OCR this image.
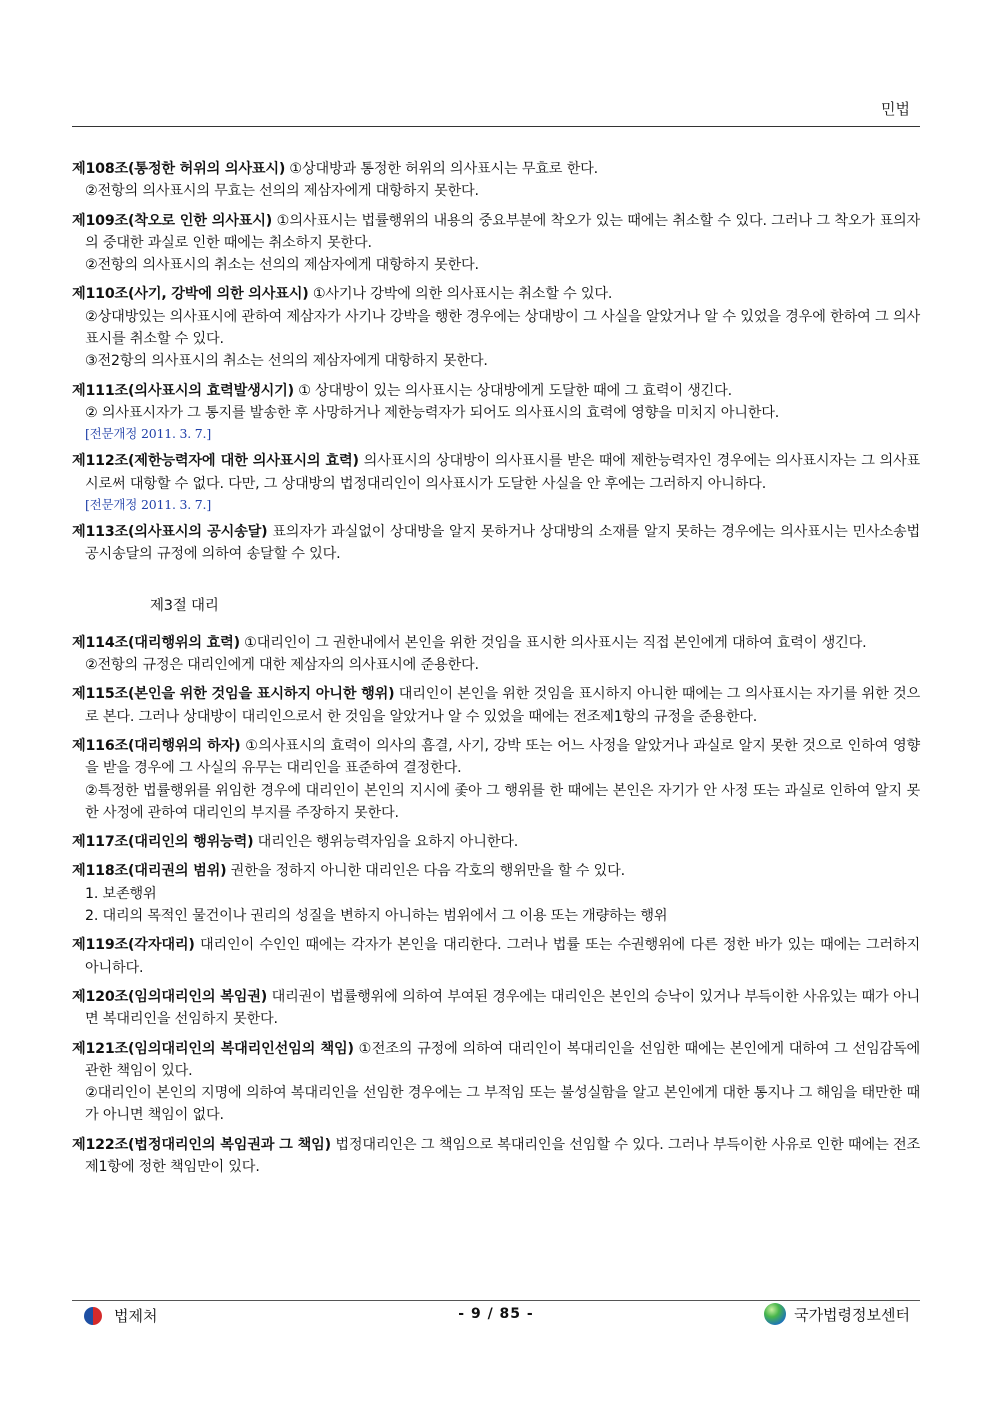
민법
제108조(통정한 허위의 의사표시) ①상대방과 통정한 허위의 의사표시는 무효로 한다.
②전항의 의사표시의 무효는 선의의 제삼자에게 대항하지 못한다.
제109조(착오로 인한 의사표시) ①의사표시는 법률행위의 내용의 중요부분에 착오가 있는 때에는 취소할 수 있다. 그러나 그 착오가 표의자의 중대한 과실로 인한 때에는 취소하지 못한다.
②전항의 의사표시의 취소는 선의의 제삼자에게 대항하지 못한다.
제110조(사기, 강박에 의한 의사표시) ①사기나 강박에 의한 의사표시는 취소할 수 있다.
②상대방있는 의사표시에 관하여 제삼자가 사기나 강박을 행한 경우에는 상대방이 그 사실을 알았거나 알 수 있었을 경우에 한하여 그 의사표시를 취소할 수 있다.
③전2항의 의사표시의 취소는 선의의 제삼자에게 대항하지 못한다.
제111조(의사표시의 효력발생시기) ① 상대방이 있는 의사표시는 상대방에게 도달한 때에 그 효력이 생긴다.
② 의사표시자가 그 통지를 발송한 후 사망하거나 제한능력자가 되어도 의사표시의 효력에 영향을 미치지 아니한다.
[전문개정 2011. 3. 7.]
제112조(제한능력자에 대한 의사표시의 효력) 의사표시의 상대방이 의사표시를 받은 때에 제한능력자인 경우에는 의사표시자는 그 의사표시로써 대항할 수 없다. 다만, 그 상대방의 법정대리인이 의사표시가 도달한 사실을 안 후에는 그러하지 아니하다.
[전문개정 2011. 3. 7.]
제113조(의사표시의 공시송달) 표의자가 과실없이 상대방을 알지 못하거나 상대방의 소재를 알지 못하는 경우에는 의사표시는 민사소송법 공시송달의 규정에 의하여 송달할 수 있다.
제3절 대리
제114조(대리행위의 효력) ①대리인이 그 권한내에서 본인을 위한 것임을 표시한 의사표시는 직접 본인에게 대하여 효력이 생긴다.
②전항의 규정은 대리인에게 대한 제삼자의 의사표시에 준용한다.
제115조(본인을 위한 것임을 표시하지 아니한 행위) 대리인이 본인을 위한 것임을 표시하지 아니한 때에는 그 의사표시는 자기를 위한 것으로 본다. 그러나 상대방이 대리인으로서 한 것임을 알았거나 알 수 있었을 때에는 전조제1항의 규정을 준용한다.
제116조(대리행위의 하자) ①의사표시의 효력이 의사의 흠결, 사기, 강박 또는 어느 사정을 알았거나 과실로 알지 못한 것으로 인하여 영향을 받을 경우에 그 사실의 유무는 대리인을 표준하여 결정한다.
②특정한 법률행위를 위임한 경우에 대리인이 본인의 지시에 좇아 그 행위를 한 때에는 본인은 자기가 안 사정 또는 과실로 인하여 알지 못한 사정에 관하여 대리인의 부지를 주장하지 못한다.
제117조(대리인의 행위능력) 대리인은 행위능력자임을 요하지 아니한다.
제118조(대리권의 범위) 권한을 정하지 아니한 대리인은 다음 각호의 행위만을 할 수 있다.
1. 보존행위
2. 대리의 목적인 물건이나 권리의 성질을 변하지 아니하는 범위에서 그 이용 또는 개량하는 행위
제119조(각자대리) 대리인이 수인인 때에는 각자가 본인을 대리한다. 그러나 법률 또는 수권행위에 다른 정한 바가 있는 때에는 그러하지 아니하다.
제120조(임의대리인의 복임권) 대리권이 법률행위에 의하여 부여된 경우에는 대리인은 본인의 승낙이 있거나 부득이한 사유있는 때가 아니면 복대리인을 선임하지 못한다.
제121조(임의대리인의 복대리인선임의 책임) ①전조의 규정에 의하여 대리인이 복대리인을 선임한 때에는 본인에게 대하여 그 선임감독에 관한 책임이 있다.
②대리인이 본인의 지명에 의하여 복대리인을 선임한 경우에는 그 부적임 또는 불성실함을 알고 본인에게 대한 통지나 그 해임을 태만한 때가 아니면 책임이 없다.
제122조(법정대리인의 복임권과 그 책임) 법정대리인은 그 책임으로 복대리인을 선임할 수 있다. 그러나 부득이한 사유로 인한 때에는 전조제1항에 정한 책임만이 있다.
법제처	- 9 / 85 -	국가법령정보센터
